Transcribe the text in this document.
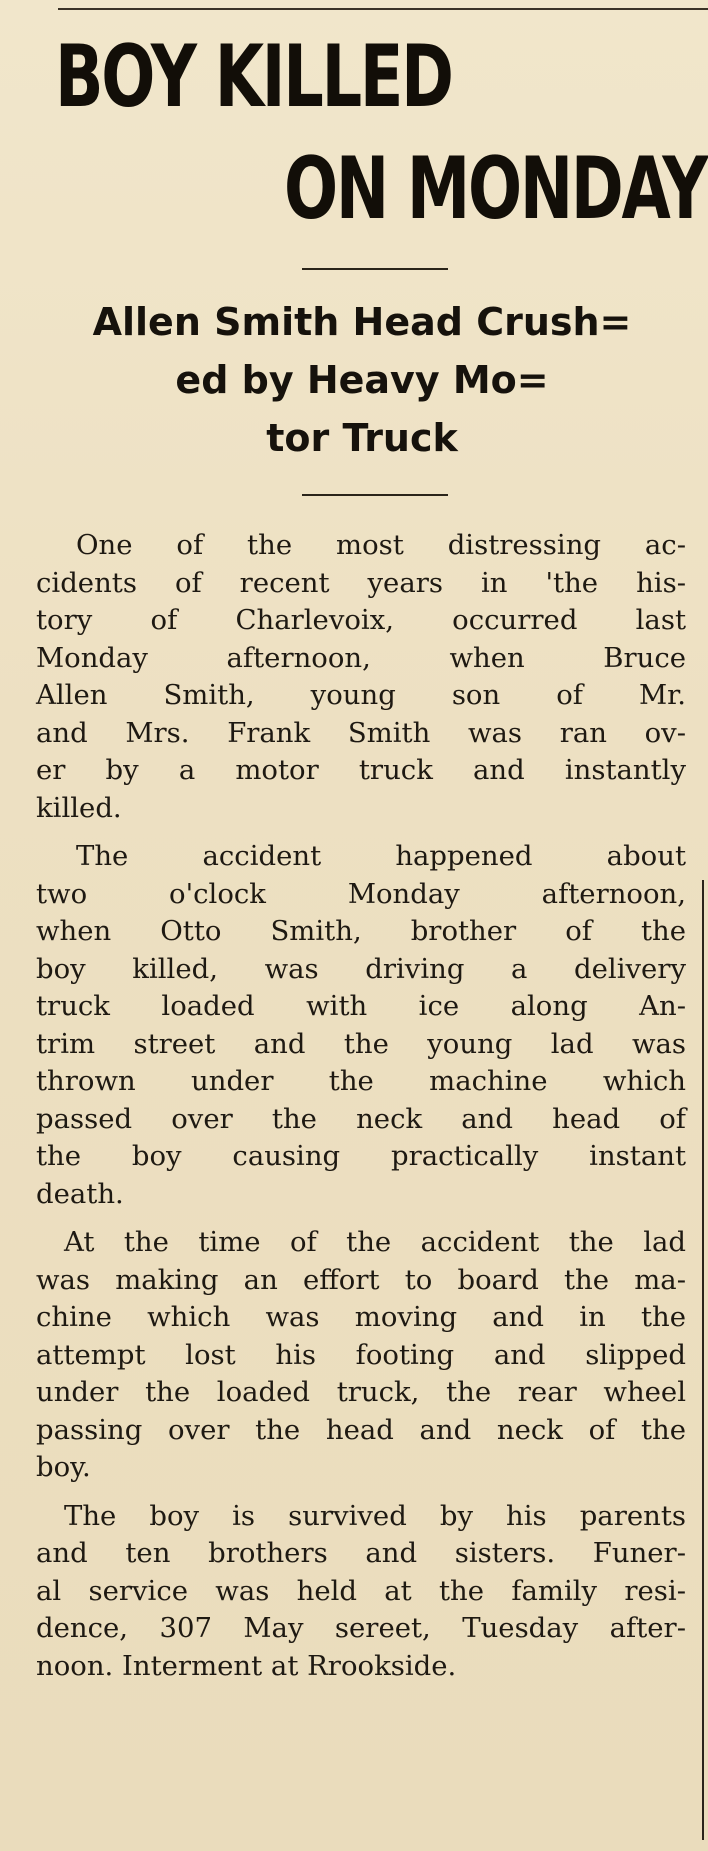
BOY KILLED
ON MONDAY
Allen Smith Head Crush=
ed by Heavy Mo=
tor Truck
One of the most distressing ac-
cidents of recent years in 'the his-
tory of Charlevoix, occurred last
Monday afternoon, when Bruce
Allen Smith, young son of Mr.
and Mrs. Frank Smith was ran ov-
er by a motor truck and instantly
killed.
The accident happened about
two o'clock Monday afternoon,
when Otto Smith, brother of the
boy killed, was driving a delivery
truck loaded with ice along An-
trim street and the young lad was
thrown under the machine which
passed over the neck and head of
the boy causing practically instant
death.
At the time of the accident the lad
was making an effort to board the ma-
chine which was moving and in the
attempt lost his footing and slipped
under the loaded truck, the rear wheel
passing over the head and neck of the
boy.
The boy is survived by his parents
and ten brothers and sisters. Funer-
al service was held at the family resi-
dence, 307 May sereet, Tuesday after-
noon. Interment at Rrookside.
